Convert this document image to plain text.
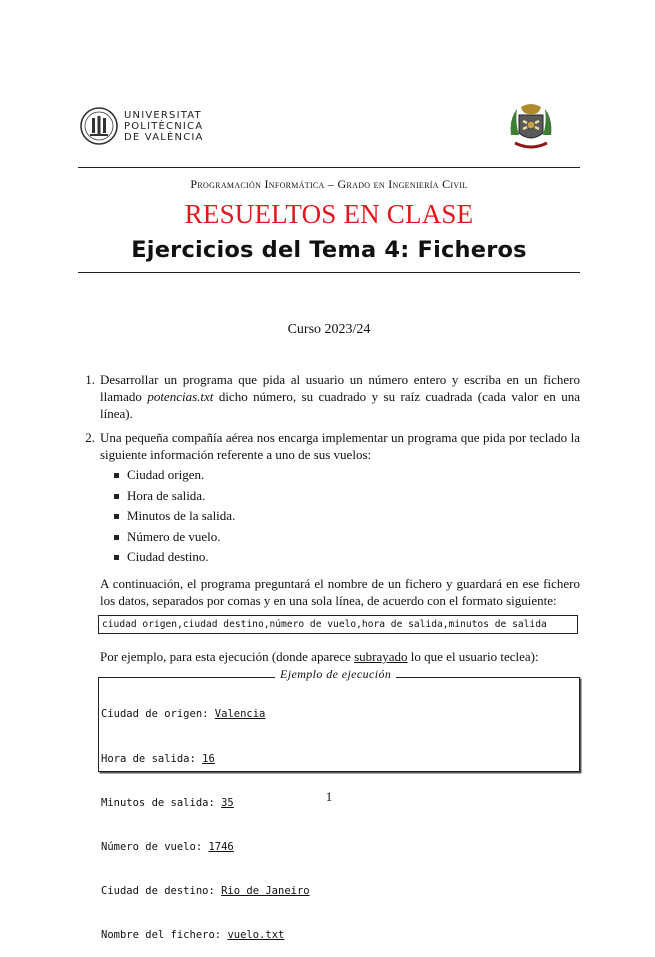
UNIVERSITAT
POLITÈCNICA
DE VALÈNCIA
Programación Informática – Grado en Ingeniería Civil
RESUELTOS EN CLASE
Ejercicios del Tema 4: Ficheros
Curso 2023/24
1. Desarrollar un programa que pida al usuario un número entero y escriba en un fichero llamado potencias.txt dicho número, su cuadrado y su raíz cuadrada (cada valor en una línea).
2. Una pequeña compañía aérea nos encarga implementar un programa que pida por teclado la siguiente información referente a uno de sus vuelos:
Ciudad origen.
Hora de salida.
Minutos de la salida.
Número de vuelo.
Ciudad destino.
A continuación, el programa preguntará el nombre de un fichero y guardará en ese fichero los datos, separados por comas y en una sola línea, de acuerdo con el formato siguiente:
ciudad origen,ciudad destino,número de vuelo,hora de salida,minutos de salida
Por ejemplo, para esta ejecución (donde aparece subrayado lo que el usuario teclea):
Ejemplo de ejecución

Ciudad de origen: Valencia

Hora de salida: 16

Minutos de salida: 35

Número de vuelo: 1746

Ciudad de destino: Rio de Janeiro

Nombre del fichero: vuelo.txt

1
